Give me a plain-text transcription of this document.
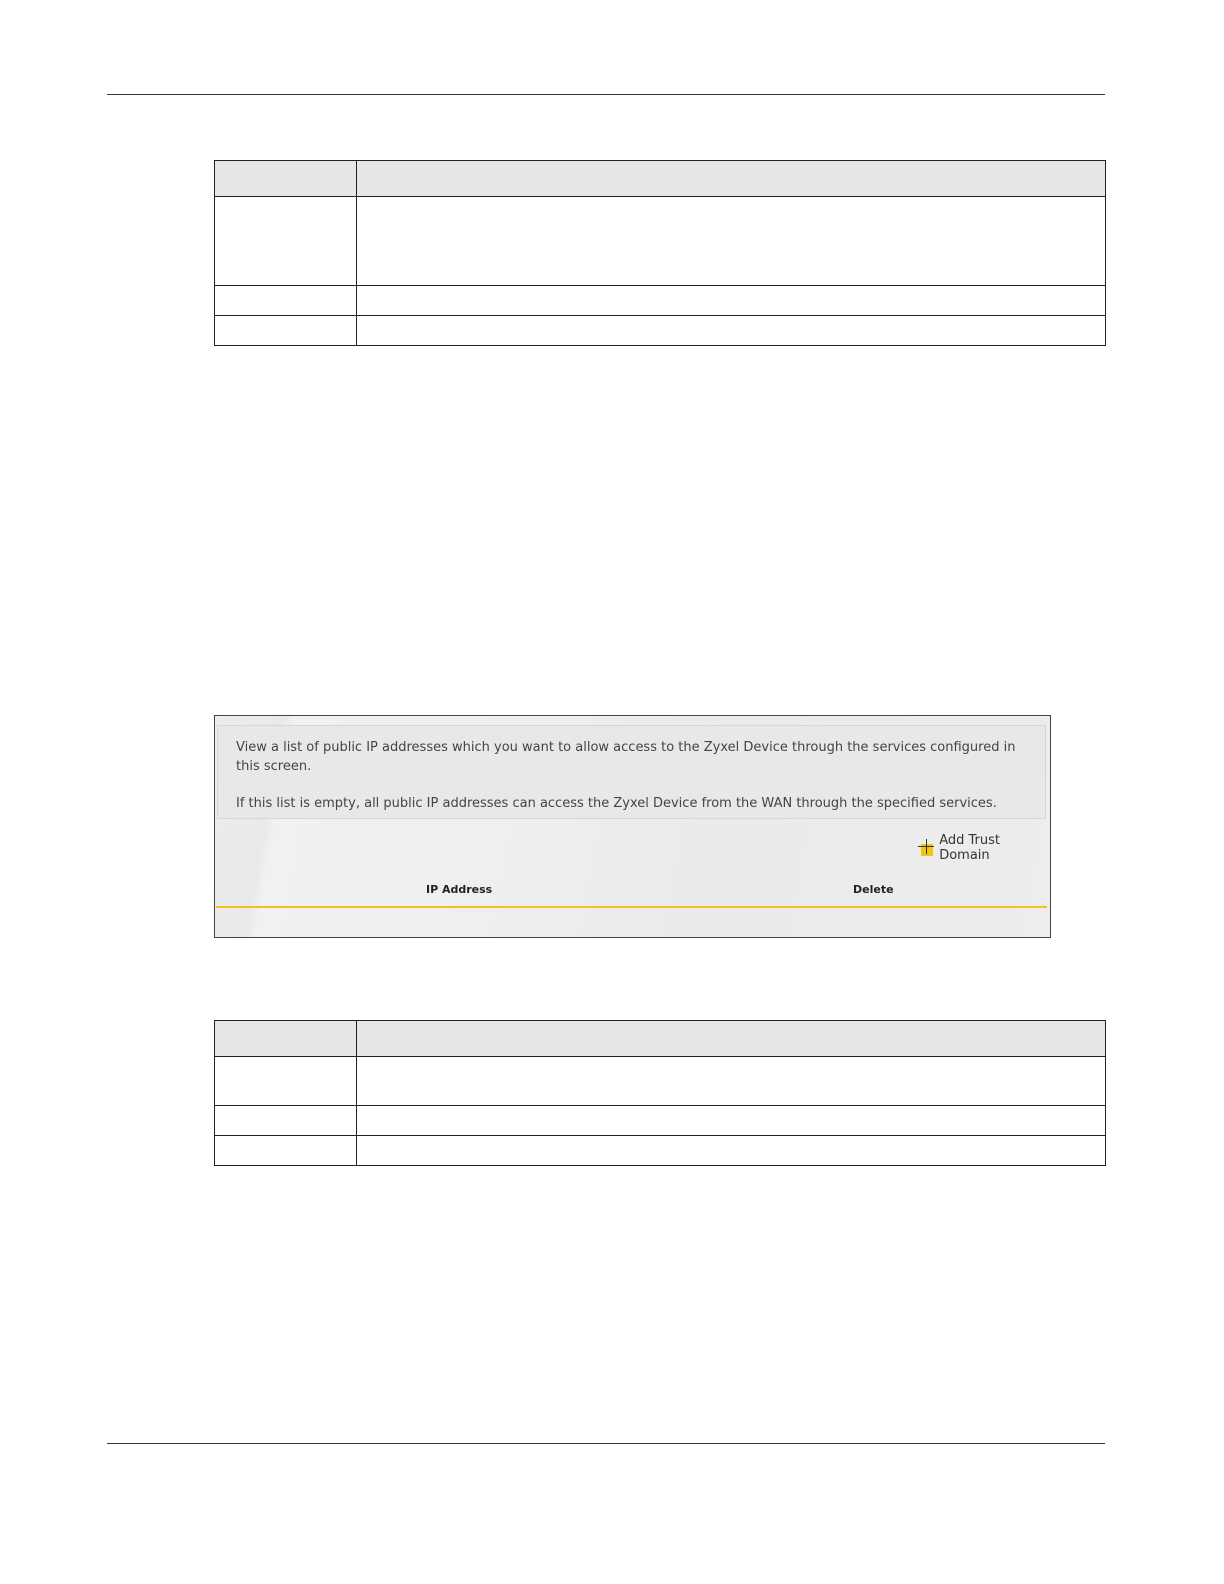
View a list of public IP addresses which you want to allow access to the Zyxel Device through the services configured in this screen.

If this list is empty, all public IP addresses can access the Zyxel Device from the WAN through the specified services.

Add Trust Domain
IP Address	Delete
